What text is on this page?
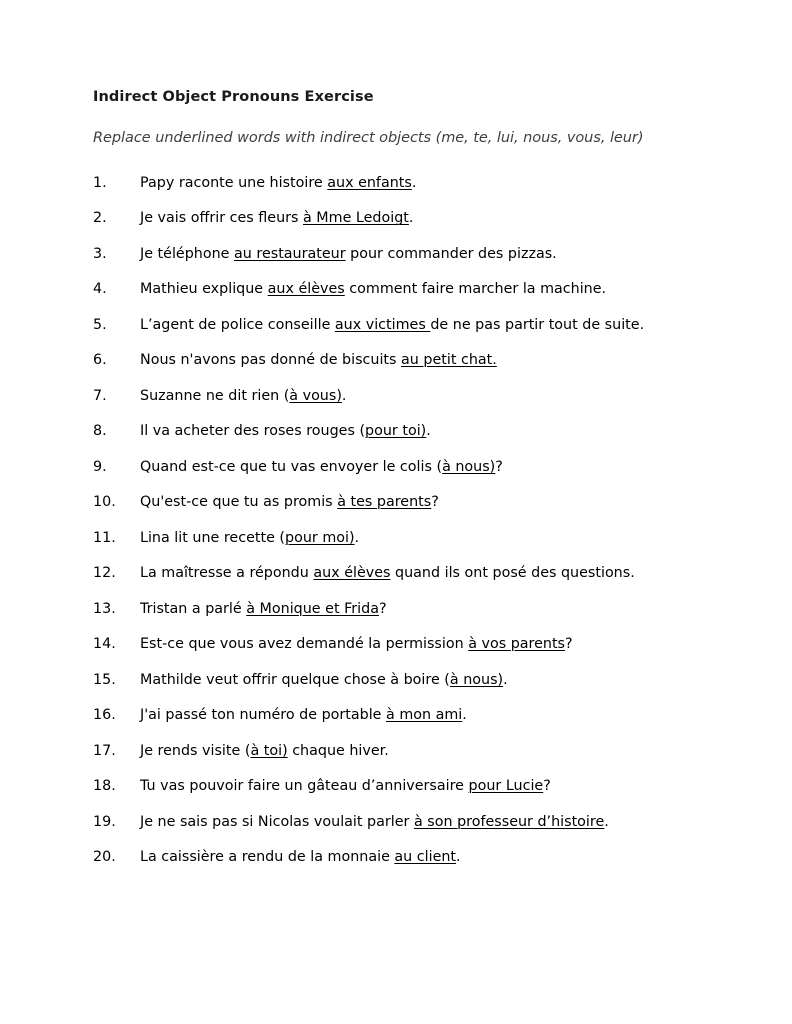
Indirect Object Pronouns Exercise

Replace underlined words with indirect objects (me, te, lui, nous, vous, leur)

1.	Papy raconte une histoire aux enfants.
2.	Je vais offrir ces fleurs à Mme Ledoigt.
3.	Je téléphone au restaurateur pour commander des pizzas.
4.	Mathieu explique aux élèves comment faire marcher la machine.
5.	L’agent de police conseille aux victimes de ne pas partir tout de suite.
6.	Nous n'avons pas donné de biscuits au petit chat.
7.	Suzanne ne dit rien (à vous).
8.	Il va acheter des roses rouges (pour toi).
9.	Quand est-ce que tu vas envoyer le colis (à nous)?
10.	Qu'est-ce que tu as promis à tes parents?
11.	Lina lit une recette (pour moi).
12.	La maîtresse a répondu aux élèves quand ils ont posé des questions.
13.	Tristan a parlé à Monique et Frida?
14.	Est-ce que vous avez demandé la permission à vos parents?
15.	Mathilde veut offrir quelque chose à boire (à nous).
16.	J'ai passé ton numéro de portable à mon ami.
17.	Je rends visite (à toi) chaque hiver.
18.	Tu vas pouvoir faire un gâteau d’anniversaire pour Lucie?
19.	Je ne sais pas si Nicolas voulait parler à son professeur d’histoire.
20.	La caissière a rendu de la monnaie au client.
